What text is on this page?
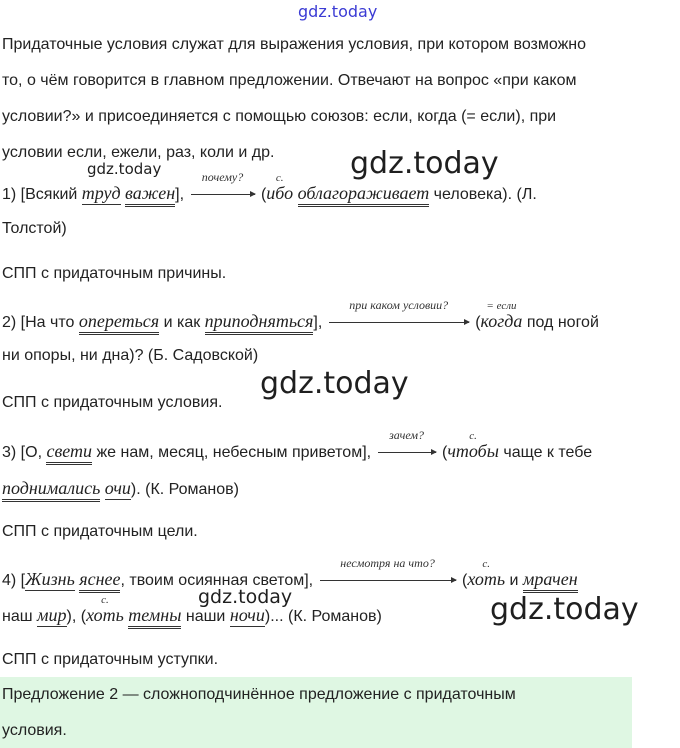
gdz.today
gdz.today
gdz.today
gdz.today
gdz.today
gdz.today
Придаточные условия служат для выражения условия, при котором возможно
то, о чём говорится в главном предложении. Отвечают на вопрос «при каком
условии?» и присоединяется с помощью союзов: если, когда (= если), при
условии если, ежели, раз, коли и др.
1) [Всякий труд важен],
почему?
(
с.
ибо облагораживает человека). (Л.
Толстой)
СПП с придаточным причины.
2) [На что опереться и как приподняться],
при каком условии?
(
= если
когда под ногой
ни опоры, ни дна)? (Б. Садовской)
СПП с придаточным условия.
3) [О, свети же нам, месяц, небесным приветом],
зачем?
(
с.
чтобы чаще к тебе
поднимались очи). (К. Романов)
СПП с придаточным цели.
4) [Жизнь яснее, твоим осиянная светом],
несмотря на что?
(
с.
хоть и мрачен
наш мир), (
с.
хоть темны наши ночи)... (К. Романов)
СПП с придаточным уступки.
Предложение 2 — сложноподчинённое предложение с придаточным
условия.
